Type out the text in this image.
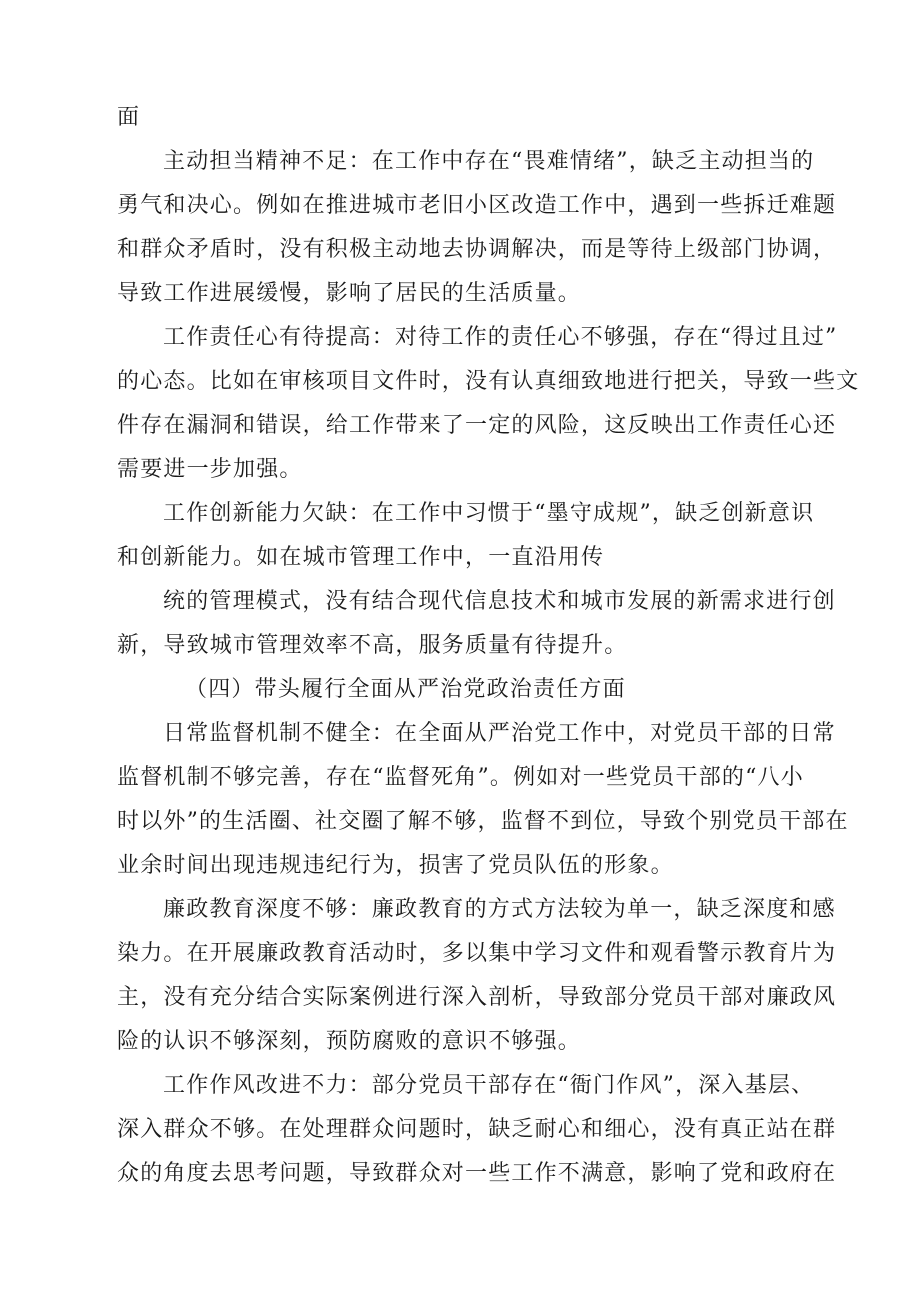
面
主动担当精神不足：在工作中存在“畏难情绪”，缺乏主动担当的
勇气和决心。例如在推进城市老旧小区改造工作中，遇到一些拆迁难题
和群众矛盾时，没有积极主动地去协调解决，而是等待上级部门协调，
导致工作进展缓慢，影响了居民的生活质量。
工作责任心有待提高：对待工作的责任心不够强，存在“得过且过”
的心态。比如在审核项目文件时，没有认真细致地进行把关，导致一些文
件存在漏洞和错误，给工作带来了一定的风险，这反映出工作责任心还
需要进一步加强。
工作创新能力欠缺：在工作中习惯于“墨守成规”，缺乏创新意识
和创新能力。如在城市管理工作中，一直沿用传
统的管理模式，没有结合现代信息技术和城市发展的新需求进行创
新，导致城市管理效率不高，服务质量有待提升。
（四）带头履行全面从严治党政治责任方面
日常监督机制不健全：在全面从严治党工作中，对党员干部的日常
监督机制不够完善，存在“监督死角”。例如对一些党员干部的“八小
时以外”的生活圈、社交圈了解不够，监督不到位，导致个别党员干部在
业余时间出现违规违纪行为，损害了党员队伍的形象。
廉政教育深度不够：廉政教育的方式方法较为单一，缺乏深度和感
染力。在开展廉政教育活动时，多以集中学习文件和观看警示教育片为
主，没有充分结合实际案例进行深入剖析，导致部分党员干部对廉政风
险的认识不够深刻，预防腐败的意识不够强。
工作作风改进不力：部分党员干部存在“衙门作风”，深入基层、
深入群众不够。在处理群众问题时，缺乏耐心和细心，没有真正站在群
众的角度去思考问题，导致群众对一些工作不满意，影响了党和政府在
